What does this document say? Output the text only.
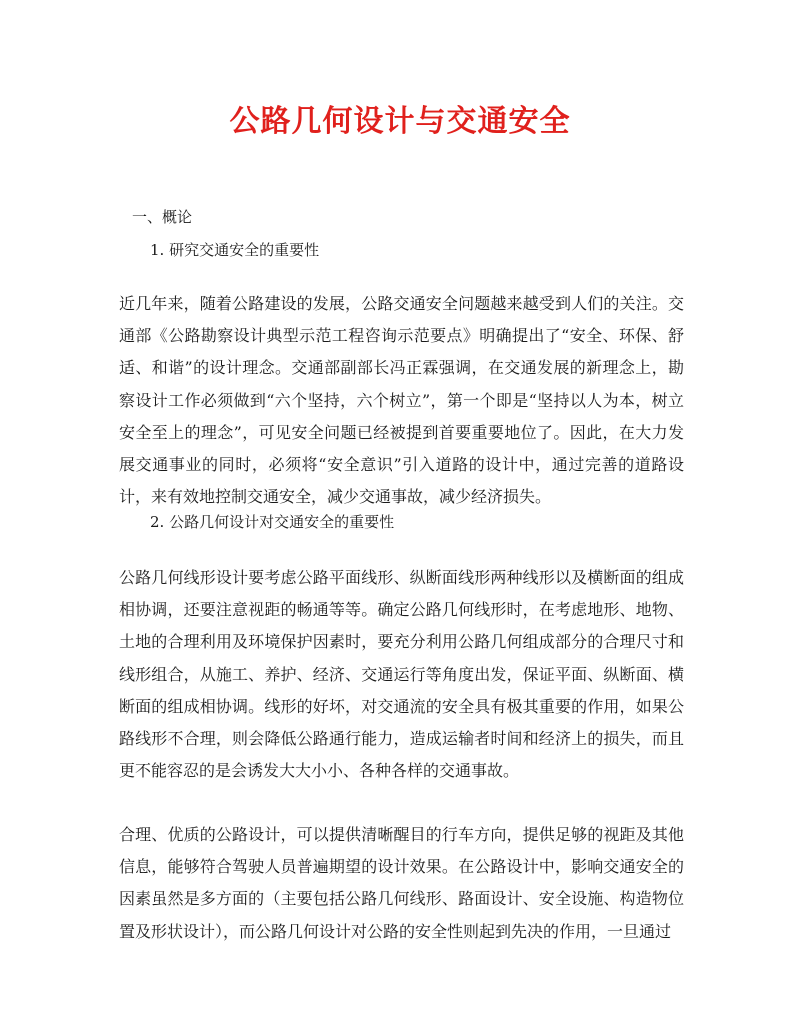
公路几何设计与交通安全
一、概论
1. 研究交通安全的重要性

近几年来，随着公路建设的发展，公路交通安全问题越来越受到人们的关注。交通部《公路勘察设计典型示范工程咨询示范要点》明确提出了“安全、环保、舒适、和谐”的设计理念。交通部副部长冯正霖强调，在交通发展的新理念上，勘察设计工作必须做到“六个坚持，六个树立”，第一个即是“坚持以人为本，树立安全至上的理念”，可见安全问题已经被提到首要重要地位了。因此，在大力发展交通事业的同时，必须将“安全意识”引入道路的设计中，通过完善的道路设计，来有效地控制交通安全，减少交通事故，减少经济损失。

2. 公路几何设计对交通安全的重要性

公路几何线形设计要考虑公路平面线形、纵断面线形两种线形以及横断面的组成相协调，还要注意视距的畅通等等。确定公路几何线形时，在考虑地形、地物、土地的合理利用及环境保护因素时，要充分利用公路几何组成部分的合理尺寸和线形组合，从施工、养护、经济、交通运行等角度出发，保证平面、纵断面、横断面的组成相协调。线形的好坏，对交通流的安全具有极其重要的作用，如果公路线形不合理，则会降低公路通行能力，造成运输者时间和经济上的损失，而且更不能容忍的是会诱发大大小小、各种各样的交通事故。

合理、优质的公路设计，可以提供清晰醒目的行车方向，提供足够的视距及其他信息，能够符合驾驶人员普遍期望的设计效果。在公路设计中，影响交通安全的因素虽然是多方面的（主要包括公路几何线形、路面设计、安全设施、构造物位置及形状设计），而公路几何设计对公路的安全性则起到先决的作用，一旦通过
